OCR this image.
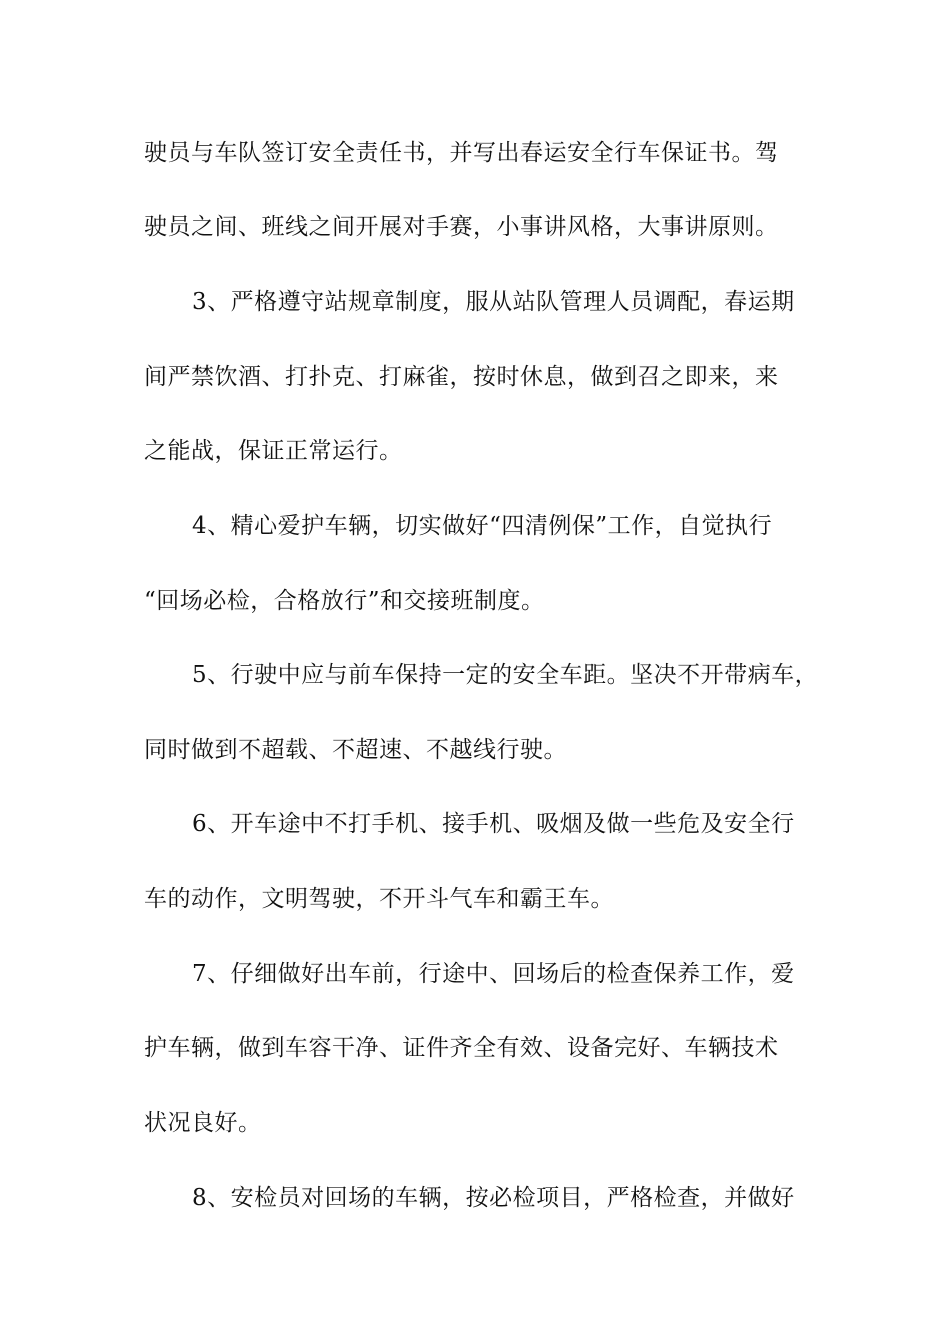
驶员与车队签订安全责任书，并写出春运安全行车保证书。驾
驶员之间、班线之间开展对手赛，小事讲风格，大事讲原则。
3、严格遵守站规章制度，服从站队管理人员调配，春运期
间严禁饮酒、打扑克、打麻雀，按时休息，做到召之即来，来
之能战，保证正常运行。
4、精心爱护车辆，切实做好“四清例保”工作，自觉执行
“回场必检，合格放行”和交接班制度。
5、行驶中应与前车保持一定的安全车距。坚决不开带病车，
同时做到不超载、不超速、不越线行驶。
6、开车途中不打手机、接手机、吸烟及做一些危及安全行
车的动作，文明驾驶，不开斗气车和霸王车。
7、仔细做好出车前，行途中、回场后的检查保养工作，爱
护车辆，做到车容干净、证件齐全有效、设备完好、车辆技术
状况良好。
8、安检员对回场的车辆，按必检项目，严格检查，并做好
